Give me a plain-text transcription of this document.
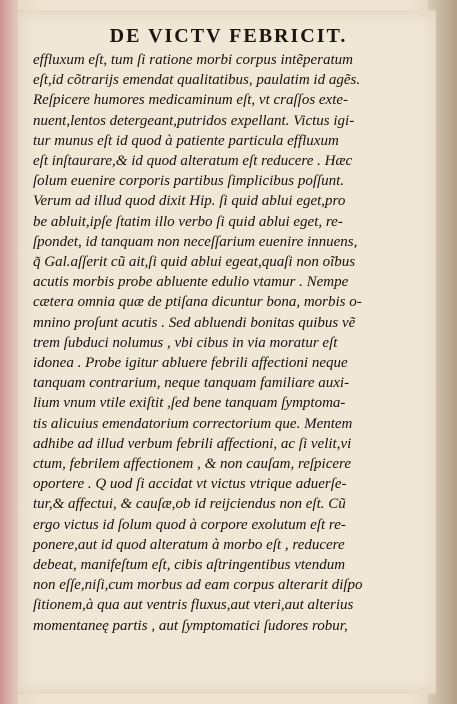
DE VICTV FEBRICIT.
effluxum eſt, tum ſi ratione morbi corpus intẽperatum
eſt,id cõtrarijs emendat qualitatibus, paulatim id agẽs.
Reſpicere humores medicaminum eſt, vt craſſos exte-
nuent,lentos detergeant,putridos expellant. Victus igi-
tur munus eſt id quod à patiente particula effluxum
eſt inſtaurare,& id quod alteratum eſt reducere . Hæc
ſolum euenire corporis partibus ſimplicibus poſſunt.
Verum ad illud quod dixit Hip. ſi quid ablui eget,pro
be abluit,ipſe ſtatim illo verbo ſi quid ablui eget, re-
ſpondet, id tanquam non neceſſarium euenire innuens,
q̃ Gal.aſſerit cũ ait,ſi quid ablui egeat,quaſi non oĩbus
acutis morbis probe abluente edulio vtamur . Nempe
cætera omnia quæ de ptiſana dicuntur bona, morbis o-
mnino proſunt acutis . Sed abluendi bonitas quibus vẽ
trem ſubduci nolumus , vbi cibus in via moratur eſt
idonea . Probe igitur abluere febrili affectioni neque
tanquam contrarium, neque tanquam familiare auxi-
lium vnum vtile exiſtit ,ſed bene tanquam ſymptoma-
tis alicuius emendatorium correctorium que. Mentem
adhibe ad illud verbum febrili affectioni, ac ſi velit,vi
ctum, febrilem affectionem , & non cauſam, reſpicere
oportere . Q uod ſi accidat vt victus vtrique aduerſe-
tur,& affectui, & cauſæ,ob id reijciendus non eſt. Cũ
ergo victus id ſolum quod à corpore exolutum eſt re-
ponere,aut id quod alteratum à morbo eſt , reducere
debeat, manifeſtum eſt, cibis aſtringentibus vtendum
non eſſe,niſi,cum morbus ad eam corpus alterarit diſpo
ſitionem,à qua aut ventris fluxus,aut vteri,aut alterius
momentaneę partis , aut ſymptomatici ſudores robur,
